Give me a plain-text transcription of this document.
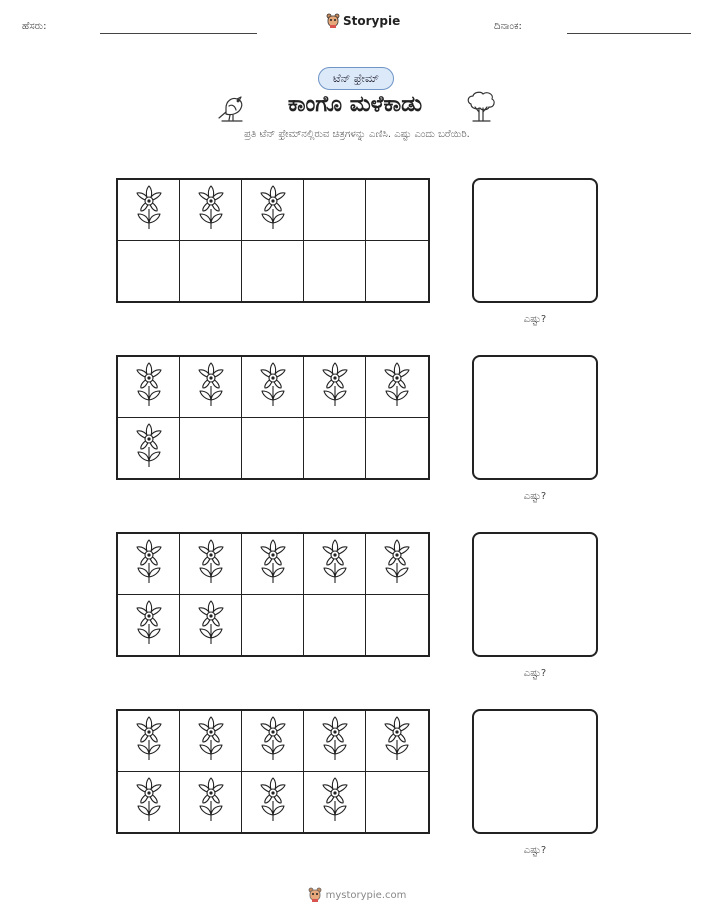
ಹೆಸರು:	Storypie	ದಿನಾಂಕ:
ಟೆನ್ ಫ್ರೇಮ್
ಕಾಂಗೊ ಮಳೆಕಾಡು
ಪ್ರತಿ ಟೆನ್ ಫ್ರೇಮ್‌ನಲ್ಲಿರುವ ಚಿತ್ರಗಳನ್ನು ಎಣಿಸಿ. ಎಷ್ಟು ಎಂದು ಬರೆಯಿರಿ.
ಎಷ್ಟು?
ಎಷ್ಟು?
ಎಷ್ಟು?
ಎಷ್ಟು?
mystorypie.com
